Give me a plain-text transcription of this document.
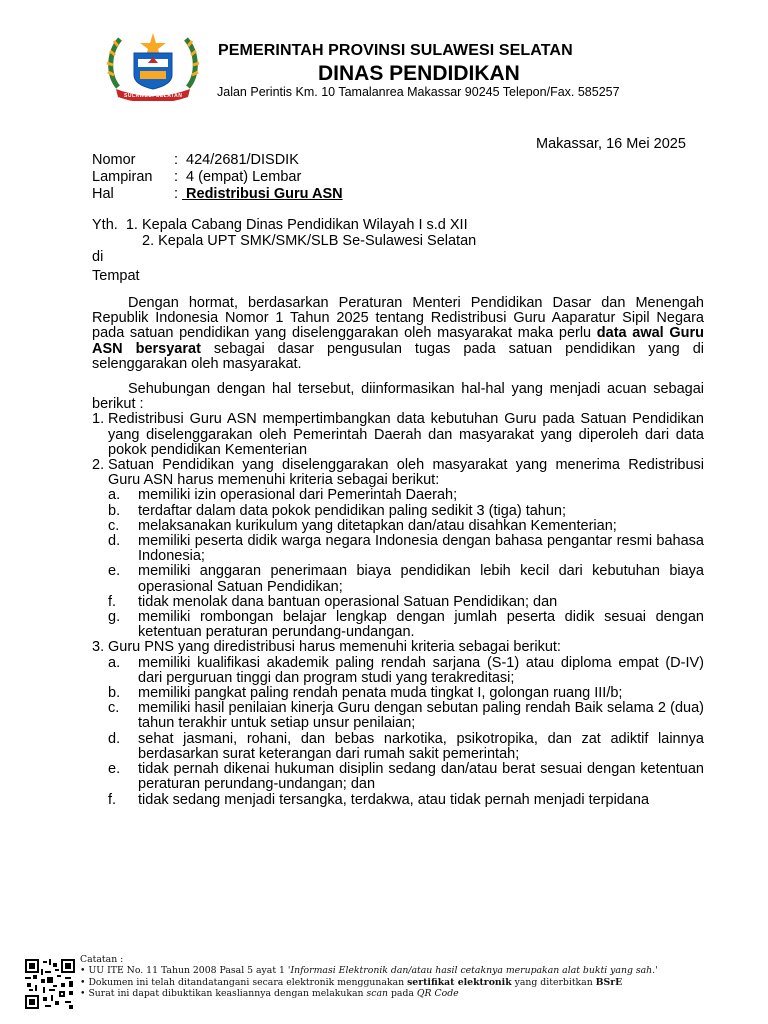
SULAWESI SELATAN
PEMERINTAH PROVINSI SULAWESI SELATAN
DINAS PENDIDIKAN
Jalan Perintis Km. 10 Tamalanrea Makassar 90245 Telepon/Fax. 585257
Makassar, 16 Mei 2025
Nomor	: 424/2681/DISDIK
Lampiran	: 4 (empat) Lembar
Hal	: Redistribusi Guru ASN
Yth.  1. Kepala Cabang Dinas Pendidikan Wilayah I s.d XII
2. Kepala UPT SMK/SMK/SLB Se-Sulawesi Selatan
di
Tempat

Dengan hormat, berdasarkan Peraturan Menteri Pendidikan Dasar dan Menengah Republik Indonesia Nomor 1 Tahun 2025 tentang Redistribusi Guru Aaparatur Sipil Negara pada satuan pendidikan yang diselenggarakan oleh masyarakat maka perlu data awal Guru ASN bersyarat sebagai dasar pengusulan tugas pada satuan pendidikan yang di selenggarakan oleh masyarakat.

Sehubungan dengan hal tersebut, diinformasikan hal-hal yang menjadi acuan sebagai berikut :

1. Redistribusi Guru ASN mempertimbangkan data kebutuhan Guru pada Satuan Pendidikan yang diselenggarakan oleh Pemerintah Daerah dan masyarakat yang diperoleh dari data pokok pendidikan Kementerian
2. Satuan Pendidikan yang diselenggarakan oleh masyarakat yang menerima Redistribusi Guru ASN harus memenuhi kriteria sebagai berikut:
a.	memiliki izin operasional dari Pemerintah Daerah;
b.	terdaftar dalam data pokok pendidikan paling sedikit 3 (tiga) tahun;
c.	melaksanakan kurikulum yang ditetapkan dan/atau disahkan Kementerian;
d.	memiliki peserta didik warga negara Indonesia dengan bahasa pengantar resmi bahasa Indonesia;
e.	memiliki anggaran penerimaan biaya pendidikan lebih kecil dari kebutuhan biaya operasional Satuan Pendidikan;
f.	tidak menolak dana bantuan operasional Satuan Pendidikan; dan
g.	memiliki rombongan belajar lengkap dengan jumlah peserta didik sesuai dengan ketentuan peraturan perundang-undangan.
3. Guru PNS yang diredistribusi harus memenuhi kriteria sebagai berikut:
a.	memiliki kualifikasi akademik paling rendah sarjana (S-1) atau diploma empat (D-IV) dari perguruan tinggi dan program studi yang terakreditasi;
b.	memiliki pangkat paling rendah penata muda tingkat I, golongan ruang III/b;
c.	memiliki hasil penilaian kinerja Guru dengan sebutan paling rendah Baik selama 2 (dua) tahun terakhir untuk setiap unsur penilaian;
d.	sehat jasmani, rohani, dan bebas narkotika, psikotropika, dan zat adiktif lainnya berdasarkan surat keterangan dari rumah sakit pemerintah;
e.	tidak pernah dikenai hukuman disiplin sedang dan/atau berat sesuai dengan ketentuan peraturan perundang-undangan; dan
f.	tidak sedang menjadi tersangka, terdakwa, atau tidak pernah menjadi terpidana
Catatan :
• UU ITE No. 11 Tahun 2008 Pasal 5 ayat 1 'Informasi Elektronik dan/atau hasil cetaknya merupakan alat bukti yang sah.'
• Dokumen ini telah ditandatangani secara elektronik menggunakan sertifikat elektronik yang diterbitkan BSrE
• Surat ini dapat dibuktikan keasliannya dengan melakukan scan pada QR Code
